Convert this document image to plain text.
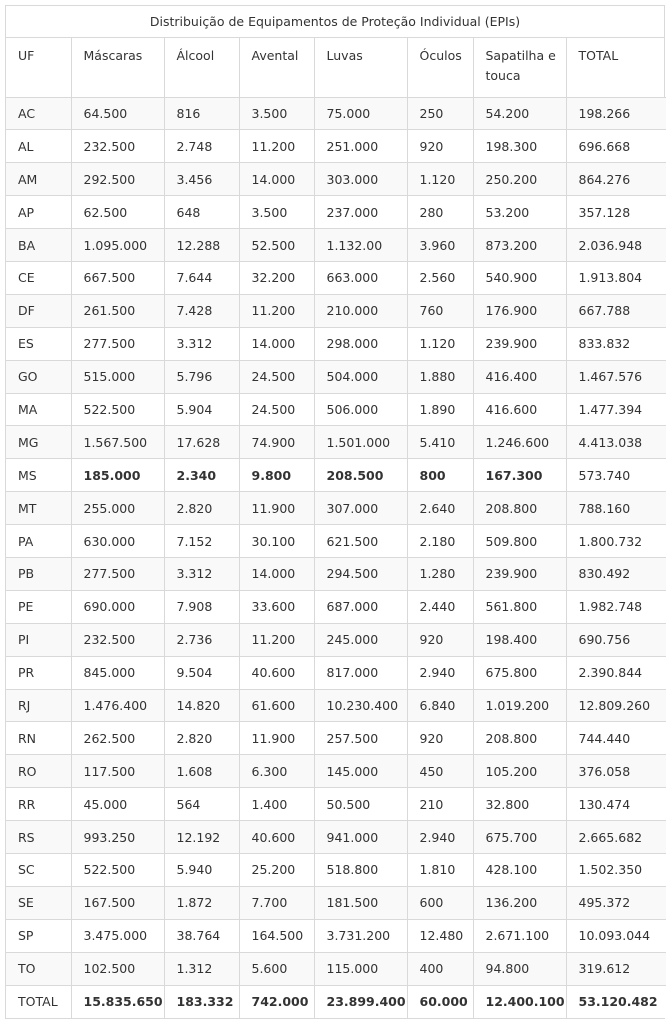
Distribuição de Equipamentos de Proteção Individual (EPIs)
UF	Máscaras	Álcool	Avental	Luvas	Óculos	Sapatilha e touca	TOTAL
AC	64.500	816	3.500	75.000	250	54.200	198.266
AL	232.500	2.748	11.200	251.000	920	198.300	696.668
AM	292.500	3.456	14.000	303.000	1.120	250.200	864.276
AP	62.500	648	3.500	237.000	280	53.200	357.128
BA	1.095.000	12.288	52.500	1.132.00	3.960	873.200	2.036.948
CE	667.500	7.644	32.200	663.000	2.560	540.900	1.913.804
DF	261.500	7.428	11.200	210.000	760	176.900	667.788
ES	277.500	3.312	14.000	298.000	1.120	239.900	833.832
GO	515.000	5.796	24.500	504.000	1.880	416.400	1.467.576
MA	522.500	5.904	24.500	506.000	1.890	416.600	1.477.394
MG	1.567.500	17.628	74.900	1.501.000	5.410	1.246.600	4.413.038
MS	185.000	2.340	9.800	208.500	800	167.300	573.740
MT	255.000	2.820	11.900	307.000	2.640	208.800	788.160
PA	630.000	7.152	30.100	621.500	2.180	509.800	1.800.732
PB	277.500	3.312	14.000	294.500	1.280	239.900	830.492
PE	690.000	7.908	33.600	687.000	2.440	561.800	1.982.748
PI	232.500	2.736	11.200	245.000	920	198.400	690.756
PR	845.000	9.504	40.600	817.000	2.940	675.800	2.390.844
RJ	1.476.400	14.820	61.600	10.230.400	6.840	1.019.200	12.809.260
RN	262.500	2.820	11.900	257.500	920	208.800	744.440
RO	117.500	1.608	6.300	145.000	450	105.200	376.058
RR	45.000	564	1.400	50.500	210	32.800	130.474
RS	993.250	12.192	40.600	941.000	2.940	675.700	2.665.682
SC	522.500	5.940	25.200	518.800	1.810	428.100	1.502.350
SE	167.500	1.872	7.700	181.500	600	136.200	495.372
SP	3.475.000	38.764	164.500	3.731.200	12.480	2.671.100	10.093.044
TO	102.500	1.312	5.600	115.000	400	94.800	319.612
TOTAL	15.835.650	183.332	742.000	23.899.400	60.000	12.400.100	53.120.482
